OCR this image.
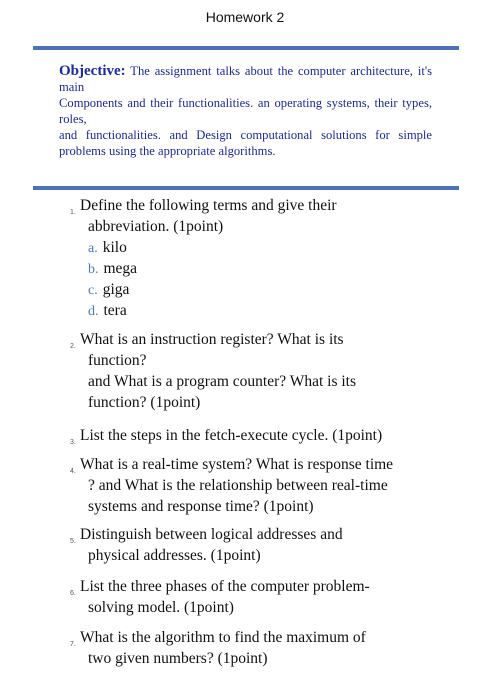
Homework 2

Objective: The assignment talks about the computer architecture, it's main

Components and their functionalities. an operating systems, their types, roles,

and functionalities. and Design computational solutions for simple problems using the appropriate algorithms.

1. Define the following terms and give their
abbreviation. (1point)
a. kilo
b. mega
c. giga
d. tera
2. What is an instruction register? What is its
function?
and What is a program counter? What is its
function? (1point)
3. List the steps in the fetch-execute cycle. (1point)
4. What is a real-time system? What is response time
? and What is the relationship between real-time
systems and response time? (1point)
5. Distinguish between logical addresses and
physical addresses. (1point)
6. List the three phases of the computer problem-
solving model. (1point)
7. What is the algorithm to find the maximum of
two given numbers? (1point)
